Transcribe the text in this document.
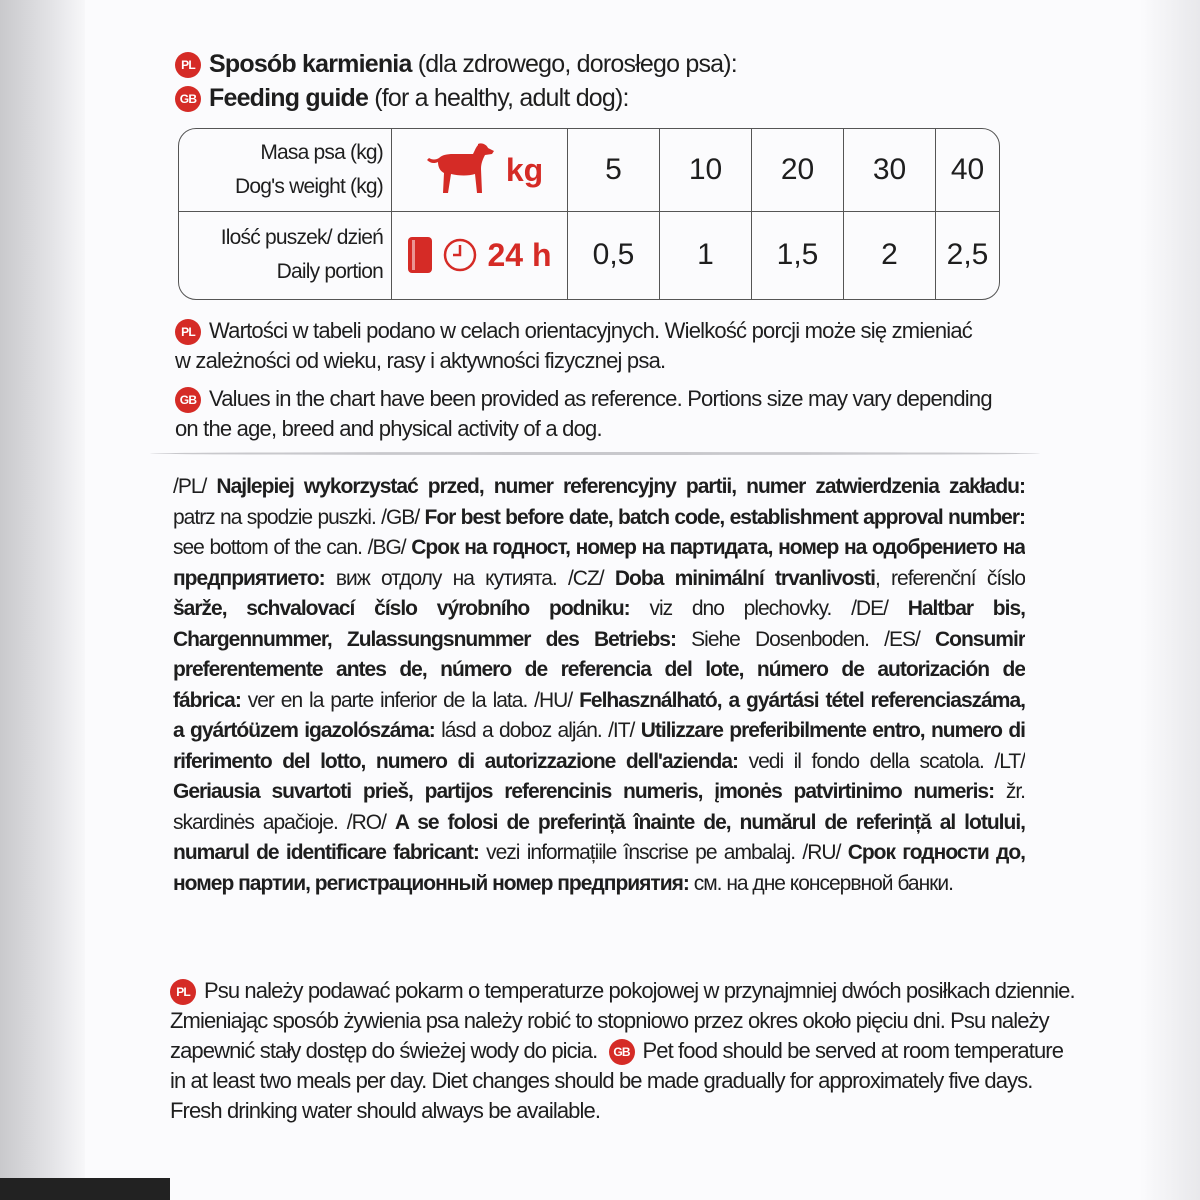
PL Sposób karmienia (dla zdrowego, dorosłego psa):
GB Feeding guide (for a healthy, adult dog):
Masa psa (kg)
Dog's weight (kg)	kg	5	10	20	30	40
Ilość puszek/ dzień
Daily portion	24 h	0,5	1	1,5	2	2,5
PL Wartości w tabeli podano w celach orientacyjnych. Wielkość porcji może się zmieniać
w zależności od wieku, rasy i aktywności fizycznej psa.
GB Values in the chart have been provided as reference. Portions size may vary depending
on the age, breed and physical activity of a dog.
/PL/ Najlepiej wykorzystać przed, numer referencyjny partii, numer zatwierdzenia zakładu:
patrz na spodzie puszki. /GB/ For best before date, batch code, establishment approval number:
see bottom of the can. /BG/ Срок на годност, номер на партидата, номер на одобрението на
предприятието: виж отдолу на кутията. /CZ/ Doba minimální trvanlivosti, referenční číslo
šarže, schvalovací číslo výrobního podniku: viz dno plechovky. /DE/ Haltbar bis,
Chargennummer, Zulassungsnummer des Betriebs: Siehe Dosenboden. /ES/ Consumir
preferentemente antes de, número de referencia del lote, número de autorización de
fábrica: ver en la parte inferior de la lata. /HU/ Felhasználható, a gyártási tétel referenciaszáma,
a gyártóüzem igazolószáma: lásd a doboz alján. /IT/ Utilizzare preferibilmente entro, numero di
riferimento del lotto, numero di autorizzazione dell'azienda: vedi il fondo della scatola. /LT/
Geriausia suvartoti prieš, partijos referencinis numeris, įmonės patvirtinimo numeris: žr.
skardinės apačioje. /RO/ A se folosi de preferință înainte de, numărul de referință al lotului,
numarul de identificare fabricant: vezi informațiile înscrise pe ambalaj. /RU/ Срок годности до,
номер партии, регистрационный номер предприятия: см. на дне консервной банки.
PL Psu należy podawać pokarm o temperaturze pokojowej w przynajmniej dwóch posiłkach dziennie.
Zmieniając sposób żywienia psa należy robić to stopniowo przez okres około pięciu dni. Psu należy
zapewnić stały dostęp do świeżej wody do picia. GB Pet food should be served at room temperature
in at least two meals per day. Diet changes should be made gradually for approximately five days.
Fresh drinking water should always be available.
